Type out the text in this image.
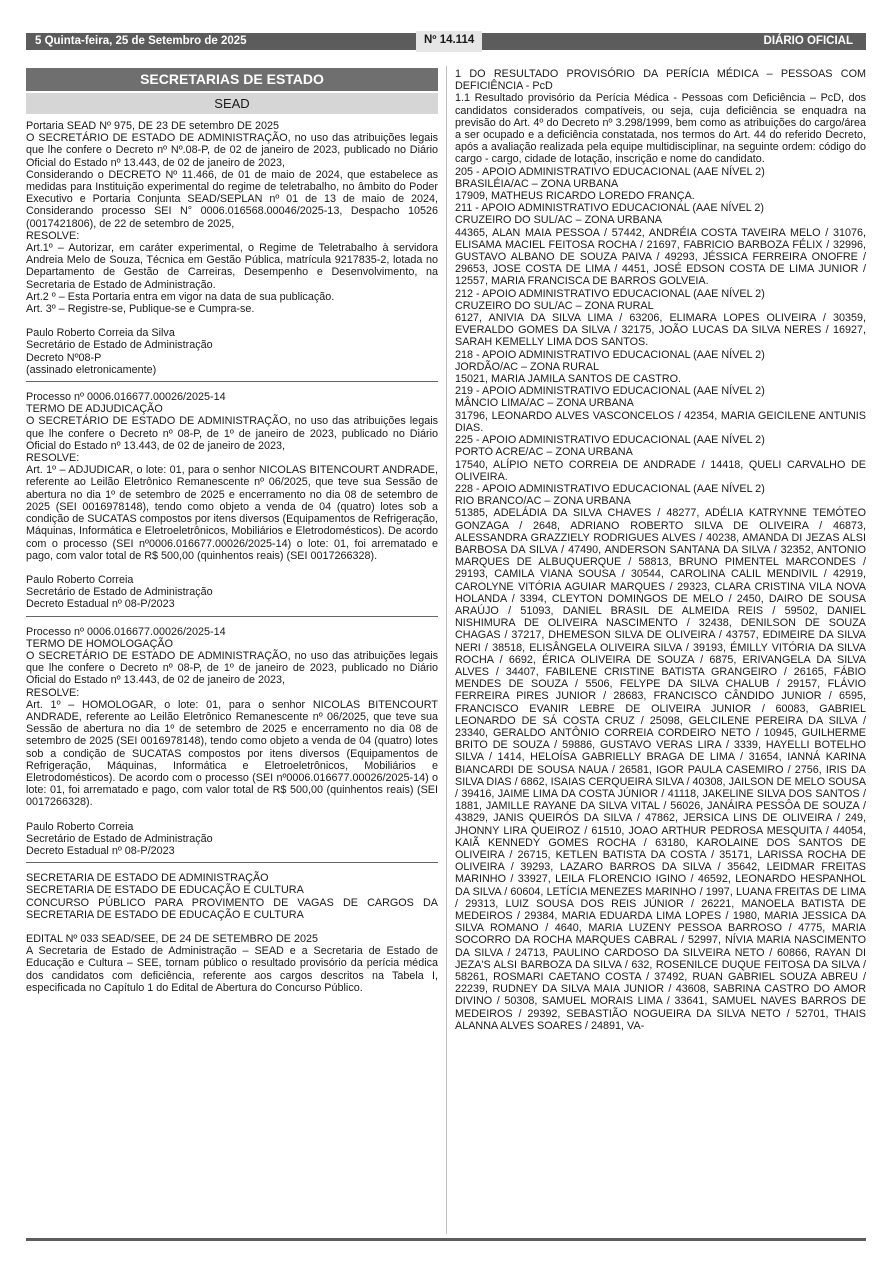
5 Quinta-feira, 25 de Setembro de 2025	Nº 14.114	DIÁRIO OFICIAL
SECRETARIAS DE ESTADO
SEAD

Portaria SEAD Nº 975, DE 23 DE setembro DE 2025

O SECRETÁRIO DE ESTADO DE ADMINISTRAÇÃO, no uso das atribuições legais que lhe confere o Decreto nº Nº.08-P, de 02 de janeiro de 2023, publicado no Diário Oficial do Estado nº 13.443, de 02 de janeiro de 2023,

Considerando o DECRETO Nº 11.466, de 01 de maio de 2024, que estabelece as medidas para Instituição experimental do regime de teletrabalho, no âmbito do Poder Executivo e Portaria Conjunta SEAD/SEPLAN nº 01 de 13 de maio de 2024, Considerando processo SEI N° 0006.016568.00046/2025-13, Despacho 10526 (0017421806), de 22 de setembro de 2025,

RESOLVE:

Art.1º – Autorizar, em caráter experimental, o Regime de Teletrabalho à servidora Andreia Melo de Souza, Técnica em Gestão Pública, matrícula 9217835-2, lotada no Departamento de Gestão de Carreiras, Desempenho e Desenvolvimento, na Secretaria de Estado de Administração.

Art.2 º – Esta Portaria entra em vigor na data de sua publicação.

Art. 3º – Registre-se, Publique-se e Cumpra-se.

Paulo Roberto Correia da Silva

Secretário de Estado de Administração

Decreto Nº08-P

(assinado eletronicamente)

Processo nº 0006.016677.00026/2025-14

TERMO DE ADJUDICAÇÃO

O SECRETÁRIO DE ESTADO DE ADMINISTRAÇÃO, no uso das atribuições legais que lhe confere o Decreto nº 08-P, de 1º de janeiro de 2023, publicado no Diário Oficial do Estado nº 13.443, de 02 de janeiro de 2023,

RESOLVE:

Art. 1º – ADJUDICAR, o lote: 01, para o senhor NICOLAS BITENCOURT ANDRADE, referente ao Leilão Eletrônico Remanescente nº 06/2025, que teve sua Sessão de abertura no dia 1º de setembro de 2025 e encerramento no dia 08 de setembro de 2025 (SEI 0016978148), tendo como objeto a venda de 04 (quatro) lotes sob a condição de SUCATAS compostos por itens diversos (Equipamentos de Refrigeração, Máquinas, Informática e Eletroeletrônicos, Mobiliários e Eletrodomésticos). De acordo com o processo (SEI nº0006.016677.00026/2025-14) o lote: 01, foi arrematado e pago, com valor total de R$ 500,00 (quinhentos reais) (SEI 0017266328).

Paulo Roberto Correia

Secretário de Estado de Administração

Decreto Estadual nº 08-P/2023

Processo nº 0006.016677.00026/2025-14

TERMO DE HOMOLOGAÇÃO

O SECRETÁRIO DE ESTADO DE ADMINISTRAÇÃO, no uso das atribuições legais que lhe confere o Decreto nº 08-P, de 1º de janeiro de 2023, publicado no Diário Oficial do Estado nº 13.443, de 02 de janeiro de 2023,

RESOLVE:

Art. 1º – HOMOLOGAR, o lote: 01, para o senhor NICOLAS BITENCOURT ANDRADE, referente ao Leilão Eletrônico Remanescente nº 06/2025, que teve sua Sessão de abertura no dia 1º de setembro de 2025 e encerramento no dia 08 de setembro de 2025 (SEI 0016978148), tendo como objeto a venda de 04 (quatro) lotes sob a condição de SUCATAS compostos por itens diversos (Equipamentos de Refrigeração, Máquinas, Informática e Eletroeletrônicos, Mobiliários e Eletrodomésticos). De acordo com o processo (SEI nº0006.016677.00026/2025-14) o lote: 01, foi arrematado e pago, com valor total de R$ 500,00 (quinhentos reais) (SEI 0017266328).

Paulo Roberto Correia

Secretário de Estado de Administração

Decreto Estadual nº 08-P/2023

SECRETARIA DE ESTADO DE ADMINISTRAÇÃO

SECRETARIA DE ESTADO DE EDUCAÇÃO E CULTURA

CONCURSO PÚBLICO PARA PROVIMENTO DE VAGAS DE CARGOS DA SECRETARIA DE ESTADO DE EDUCAÇÃO E CULTURA

EDITAL Nº 033 SEAD/SEE, DE 24 DE SETEMBRO DE 2025

A Secretaria de Estado de Administração – SEAD e a Secretaria de Estado de Educação e Cultura – SEE, tornam público o resultado provisório da perícia médica dos candidatos com deficiência, referente aos cargos descritos na Tabela I, especificada no Capítulo 1 do Edital de Abertura do Concurso Público.

1 DO RESULTADO PROVISÓRIO DA PERÍCIA MÉDICA – PESSOAS COM DEFICIÊNCIA - PcD

1.1 Resultado provisório da Perícia Médica - Pessoas com Deficiência – PcD, dos candidatos considerados compatíveis, ou seja, cuja deficiência se enquadra na previsão do Art. 4º do Decreto nº 3.298/1999, bem como as atribuições do cargo/área a ser ocupado e a deficiência constatada, nos termos do Art. 44 do referido Decreto, após a avaliação realizada pela equipe multidisciplinar, na seguinte ordem: código do cargo - cargo, cidade de lotação, inscrição e nome do candidato.

205 - APOIO ADMINISTRATIVO EDUCACIONAL (AAE NÍVEL 2)

BRASILÉIA/AC – ZONA URBANA

17909, MATHEUS RICARDO LOREDO FRANÇA.

211 - APOIO ADMINISTRATIVO EDUCACIONAL (AAE NÍVEL 2)

CRUZEIRO DO SUL/AC – ZONA URBANA

44365, ALAN MAIA PESSOA / 57442, ANDRÉIA COSTA TAVEIRA MELO / 31076, ELISAMA MACIEL FEITOSA ROCHA / 21697, FABRICIO BARBOZA FÉLIX / 32996, GUSTAVO ALBANO DE SOUZA PAIVA / 49293, JÉSSICA FERREIRA ONOFRE / 29653, JOSE COSTA DE LIMA / 4451, JOSÉ EDSON COSTA DE LIMA JUNIOR / 12557, MARIA FRANCISCA DE BARROS GOLVEIA.

212 - APOIO ADMINISTRATIVO EDUCACIONAL (AAE NÍVEL 2)

CRUZEIRO DO SUL/AC – ZONA RURAL

6127, ANIVIA DA SILVA LIMA / 63206, ELIMARA LOPES OLIVEIRA / 30359, EVERALDO GOMES DA SILVA / 32175, JOÃO LUCAS DA SILVA NERES / 16927, SARAH KEMELLY LIMA DOS SANTOS.

218 - APOIO ADMINISTRATIVO EDUCACIONAL (AAE NÍVEL 2)

JORDÃO/AC – ZONA RURAL

15021, MARIA JAMILA SANTOS DE CASTRO.

219 - APOIO ADMINISTRATIVO EDUCACIONAL (AAE NÍVEL 2)

MÂNCIO LIMA/AC – ZONA URBANA

31796, LEONARDO ALVES VASCONCELOS / 42354, MARIA GEICILENE ANTUNIS DIAS.

225 - APOIO ADMINISTRATIVO EDUCACIONAL (AAE NÍVEL 2)

PORTO ACRE/AC – ZONA URBANA

17540, ALÍPIO NETO CORREIA DE ANDRADE / 14418, QUELI CARVALHO DE OLIVEIRA.

228 - APOIO ADMINISTRATIVO EDUCACIONAL (AAE NÍVEL 2)

RIO BRANCO/AC – ZONA URBANA

51385, ADELÁDIA DA SILVA CHAVES / 48277, ADÉLIA KATRYNNE TEMÓTEO GONZAGA / 2648, ADRIANO ROBERTO SILVA DE OLIVEIRA / 46873, ALESSANDRA GRAZZIELY RODRIGUES ALVES / 40238, AMANDA DI JEZAS ALSI BARBOSA DA SILVA / 47490, ANDERSON SANTANA DA SILVA / 32352, ANTONIO MARQUES DE ALBUQUERQUE / 58813, BRUNO PIMENTEL MARCONDES / 29193, CAMILA VIANA SOUSA / 30544, CAROLINA CALIL MENDIVIL / 42919, CAROLYNE VITÓRIA AGUIAR MARQUES / 29323, CLARA CRISTINA VILA NOVA HOLANDA / 3394, CLEYTON DOMINGOS DE MELO / 2450, DAIRO DE SOUSA ARAÚJO / 51093, DANIEL BRASIL DE ALMEIDA REIS / 59502, DANIEL NISHIMURA DE OLIVEIRA NASCIMENTO / 32438, DENILSON DE SOUZA CHAGAS / 37217, DHEMESON SILVA DE OLIVEIRA / 43757, EDIMEIRE DA SILVA NERI / 38518, ELISÂNGELA OLIVEIRA SILVA / 39193, ÉMILLY VITÓRIA DA SILVA ROCHA / 6692, ÉRICA OLIVEIRA DE SOUZA / 6875, ERIVANGELA DA SILVA ALVES / 34407, FABILENE CRISTINE BATISTA GRANGEIRO / 26165, FÁBIO MENDES DE SOUZA / 5506, FELYPE DA SILVA CHALUB / 29157, FLÁVIO FERREIRA PIRES JUNIOR / 28683, FRANCISCO CÂNDIDO JUNIOR / 6595, FRANCISCO EVANIR LEBRE DE OLIVEIRA JUNIOR / 60083, GABRIEL LEONARDO DE SÁ COSTA CRUZ / 25098, GELCILENE PEREIRA DA SILVA / 23340, GERALDO ANTÔNIO CORREIA CORDEIRO NETO / 10945, GUILHERME BRITO DE SOUZA / 59886, GUSTAVO VERAS LIRA / 3339, HAYELLI BOTELHO SILVA / 1414, HELOÍSA GABRIELLY BRAGA DE LIMA / 31654, IANNÁ KARINA BIANCARDI DE SOUSA NAUA / 26581, IGOR PAULA CASEMIRO / 2756, IRIS DA SILVA DIAS / 6862, ISAIAS CERQUEIRA SILVA / 40308, JAILSON DE MELO SOUSA / 39416, JAIME LIMA DA COSTA JÚNIOR / 41118, JAKELINE SILVA DOS SANTOS / 1881, JAMILLE RAYANE DA SILVA VITAL / 56026, JANÁIRA PESSÔA DE SOUZA / 43829, JANIS QUEIRÓS DA SILVA / 47862, JERSICA LINS DE OLIVEIRA / 249, JHONNY LIRA QUEIROZ / 61510, JOAO ARTHUR PEDROSA MESQUITA / 44054, KAIÃ KENNEDY GOMES ROCHA / 63180, KAROLAINE DOS SANTOS DE OLIVEIRA / 26715, KETLEN BATISTA DA COSTA / 35171, LARISSA ROCHA DE OLIVEIRA / 39293, LAZARO BARROS DA SILVA / 35642, LEIDMAR FREITAS MARINHO / 33927, LEILA FLORENCIO IGINO / 46592, LEONARDO HESPANHOL DA SILVA / 60604, LETÍCIA MENEZES MARINHO / 1997, LUANA FREITAS DE LIMA / 29313, LUIZ SOUSA DOS REIS JÚNIOR / 26221, MANOELA BATISTA DE MEDEIROS / 29384, MARIA EDUARDA LIMA LOPES / 1980, MARIA JESSICA DA SILVA ROMANO / 4640, MARIA LUZENY PESSOA BARROSO / 4775, MARIA SOCORRO DA ROCHA MARQUES CABRAL / 52997, NÍVIA MARIA NASCIMENTO DA SILVA / 24713, PAULINO CARDOSO DA SILVEIRA NETO / 60866, RAYAN DI JEZA'S ALSI BARBOZA DA SILVA / 632, ROSENILCE DUQUE FEITOSA DA SILVA / 58261, ROSMARI CAETANO COSTA / 37492, RUAN GABRIEL SOUZA ABREU / 22239, RUDNEY DA SILVA MAIA JUNIOR / 43608, SABRINA CASTRO DO AMOR DIVINO / 50308, SAMUEL MORAIS LIMA / 33641, SAMUEL NAVES BARROS DE MEDEIROS / 29392, SEBASTIÃO NOGUEIRA DA SILVA NETO / 52701, THAIS ALANNA ALVES SOARES / 24891, VA-
